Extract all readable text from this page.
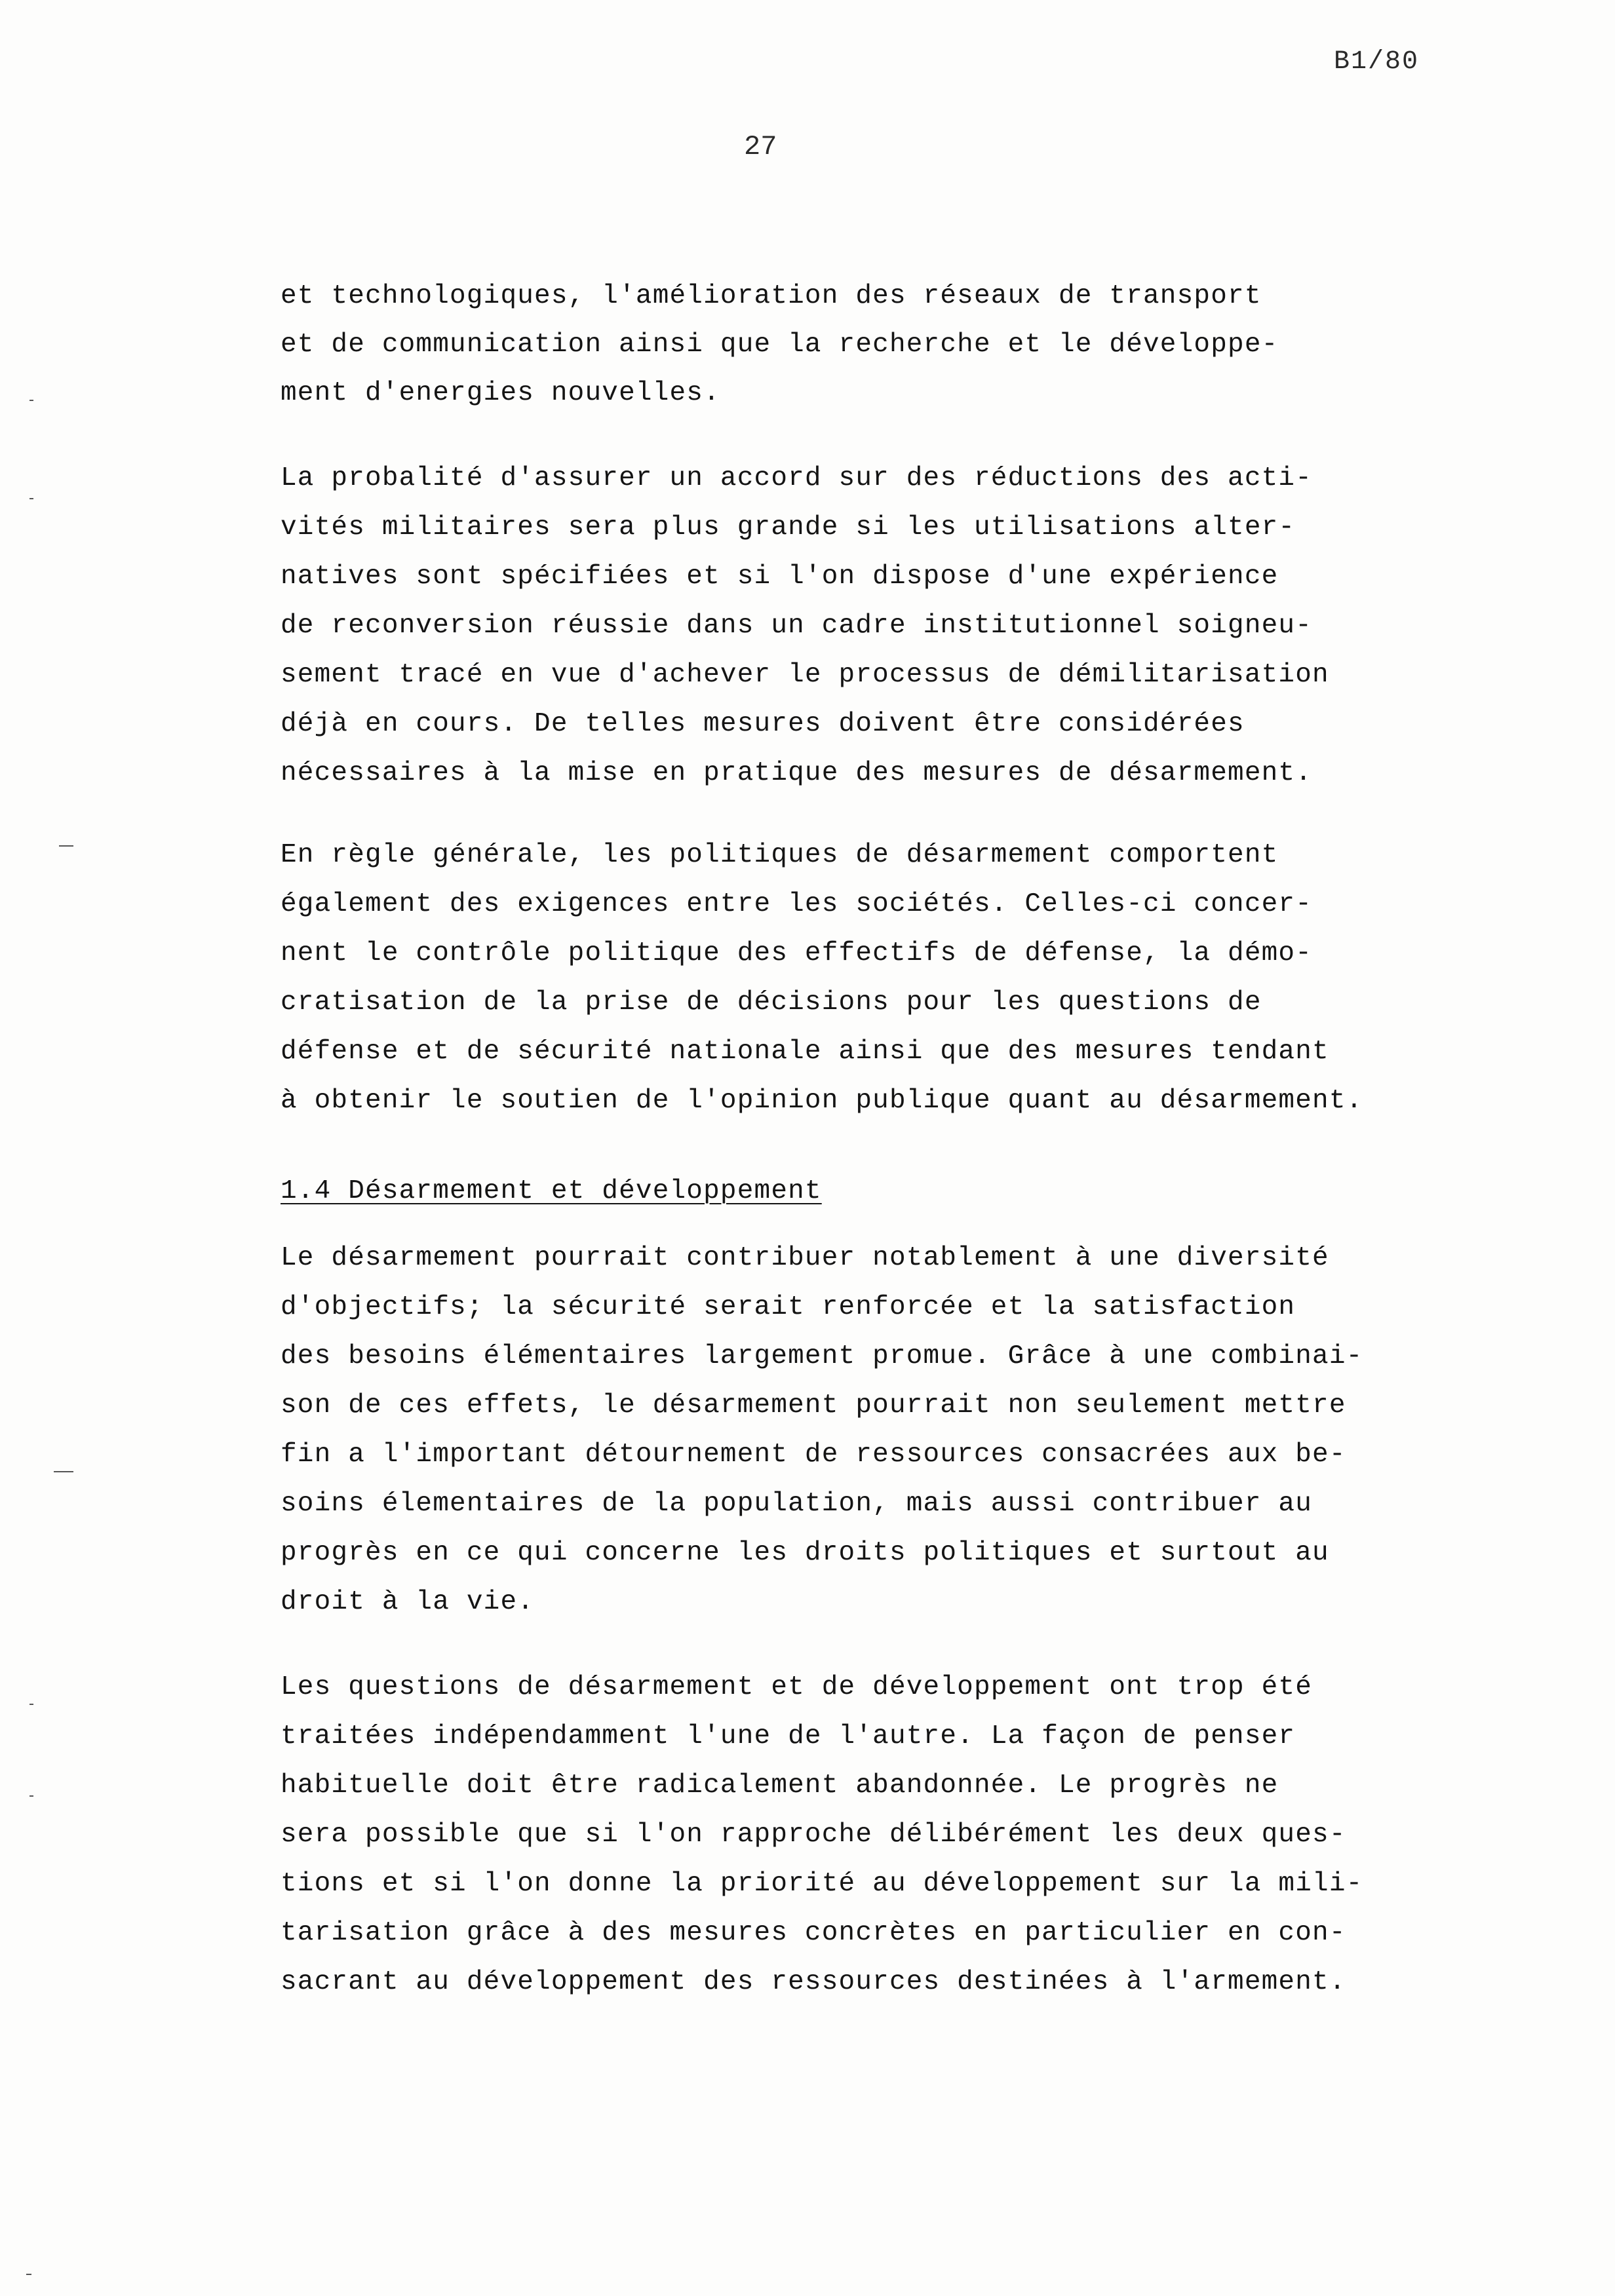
B1/80
27
et technologiques, l'amélioration des réseaux de transport
et de communication ainsi que la recherche et le développe-
ment d'energies nouvelles.
La probalité d'assurer un accord sur des réductions des acti-
vités militaires sera plus grande si les utilisations alter-
natives sont spécifiées et si l'on dispose d'une expérience
de reconversion réussie dans un cadre institutionnel soigneu-
sement tracé en vue d'achever le processus de démilitarisation
déjà en cours. De telles mesures doivent être considérées
nécessaires à la mise en pratique des mesures de désarmement.
En règle générale, les politiques de désarmement comportent
également des exigences entre les sociétés. Celles-ci concer-
nent le contrôle politique des effectifs de défense, la démo-
cratisation de la prise de décisions pour les questions de
défense et de sécurité nationale ainsi que des mesures tendant
à obtenir le soutien de l'opinion publique quant au désarmement.
1.4 Désarmement et développement
Le désarmement pourrait contribuer notablement à une diversité
d'objectifs; la sécurité serait renforcée et la satisfaction
des besoins élémentaires largement promue. Grâce à une combinai-
son de ces effets, le désarmement pourrait non seulement mettre
fin a l'important détournement de ressources consacrées aux be-
soins élementaires de la population, mais aussi contribuer au
progrès en ce qui concerne les droits politiques et surtout au
droit à la vie.
Les questions de désarmement et de développement ont trop été
traitées indépendamment l'une de l'autre. La façon de penser
habituelle doit être radicalement abandonnée. Le progrès ne
sera possible que si l'on rapproche délibérément les deux ques-
tions et si l'on donne la priorité au développement sur la mili-
tarisation grâce à des mesures concrètes en particulier en con-
sacrant au développement des ressources destinées à l'armement.
